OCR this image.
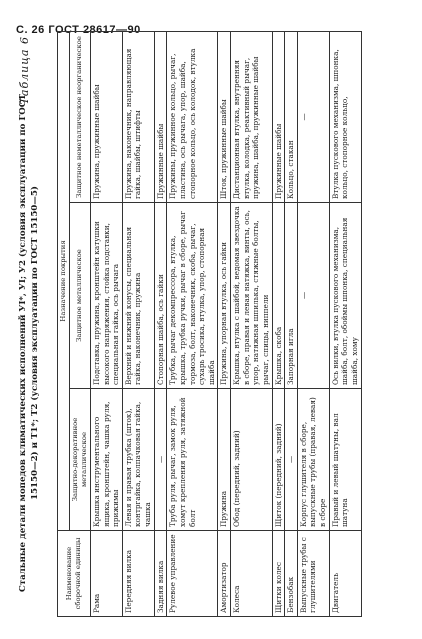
С. 26 ГОСТ 28617—90
Таблица 6
Стальные детали мопедов климатических исполнений УI*, УI; У2 (условия эксплуатации по ГОСТ 15150—2) и T1*; T2 (условия эксплуатации по ГОСТ 15150—5)
Наименование сборочной единицы	Назначение покрытия		
	Защитно-декоративное металлическое	Защитное металлическое	Защитное неметаллическое неорганическое
Рама	Крышка инструментального ящика, кронштейн, чашка руля, прижимы	Подставка, пружина, кронштейн катушки высокого напряжения, стойка подставки, специальная гайка, ось рычага	Пружина, пружинные шайбы
Передняя вилка	Левая и правая трубка (шток), контргайка, колпачковая гайка, чашка	Верхний и нижний конусы, специальная гайка, наконечник, пружина	Пружина, наконечник, направляющая гайка, шайбы, штифты
Задняя вилка	—	Стопорная шайба, ось гайки	Пружинные шайбы
Рулевое управление	Труба руля, рычаг, замок руля, хомут крепления руля, затяжной болт	Трубка, рычаг декомпрессора, втулка, крышка, трубка ручки, рычаг в сборе, рычаг тормоза, болт, наконечник, скоба, рычаг, сухарь тросика, втулка, упор, стопорная шайба	Пружины, пружинное кольцо, рычаг, пластина, ось рычага, упор, шайба, стопорное кольцо, ось колодок, втулка
Амортизатор	Пружина	Пружина, упорная втулка, ось гайки	Шток, пружинные шайбы
Колеса	Обод (передний, задний)	Крышка, втулка с шайбой, ведомая звездочка в сборе, правая и левая натяжка, винты, ось, упор, натяжная шпилька, стяжные болты, рычаг, спицы, ниппели	Дистанционная втулка, внутренняя втулка, колодка, реактивный рычаг, пружина, шайба, пружинные шайбы
Щитки колес	Щиток (передний, задний)	Крышка, скоба	Пружинные шайбы
Бензобак	—	Запорная игла	Кольцо, стакан
Выпускные трубы с глушителями	Корпус глушителя в сборе, выпускные трубы (правая, левая) в сборе	—	—
Двигатель	Правый и левый шатуны, вал шатуна	Ось вилки, втулка пускового механизма, шайба, болт, обоймы шпонка, специальная шайба, хому	Втулка пускового механизма, шпонка, кольцо, стопорное кольцо,
